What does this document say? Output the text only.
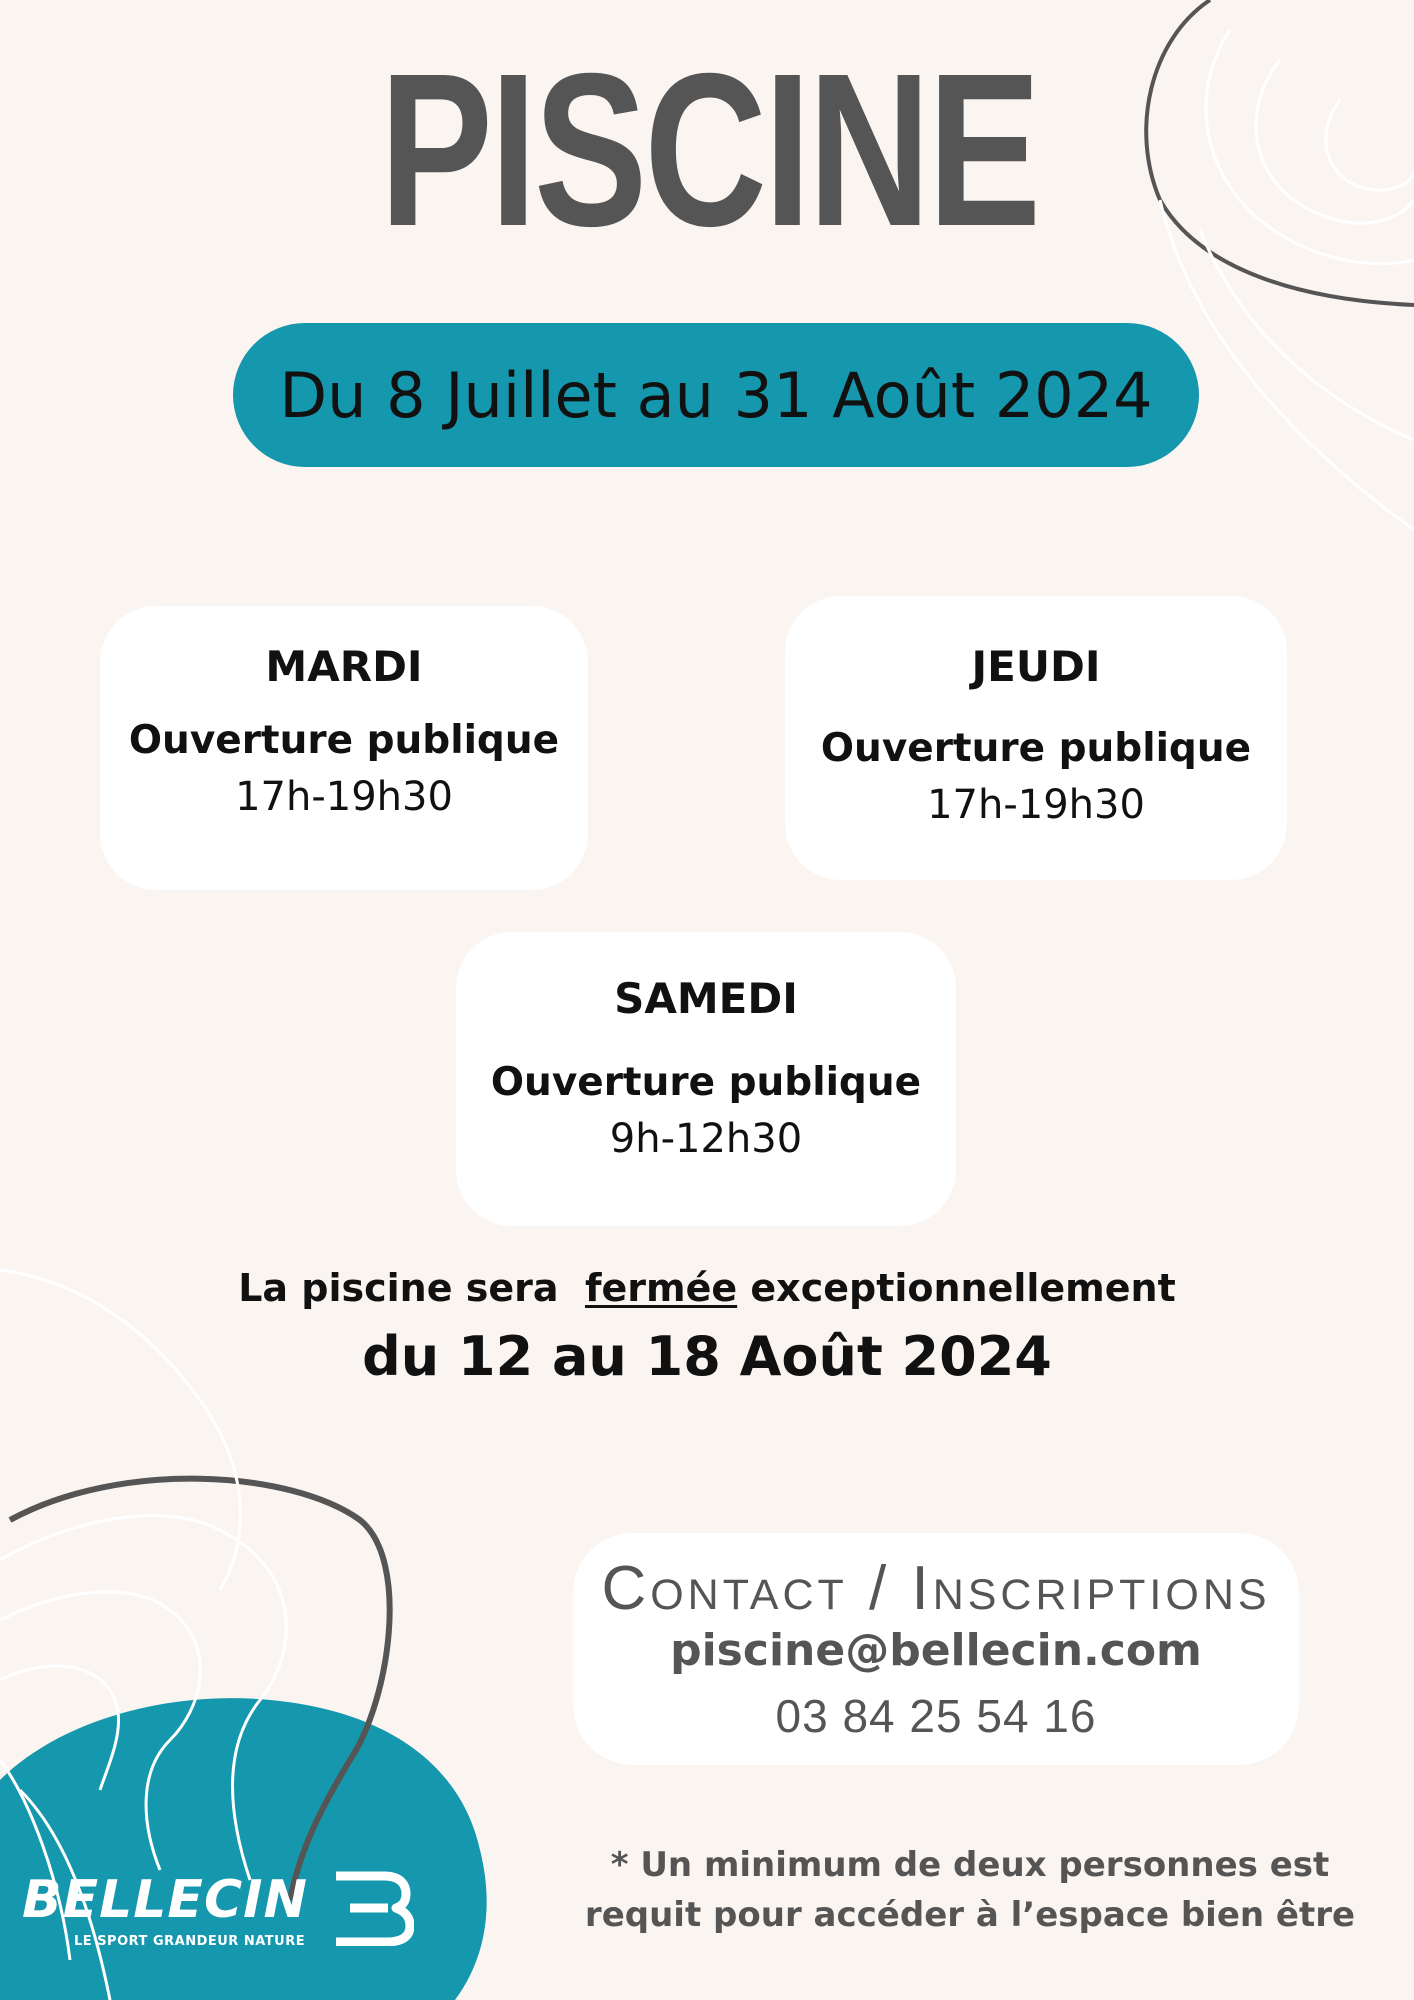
PISCINE
Du 8 Juillet au 31 Août 2024
MARDI
Ouverture publique
17h-19h30
JEUDI
Ouverture publique
17h-19h30
SAMEDI
Ouverture publique
9h-12h30
La piscine sera fermée exceptionnellement
du 12 au 18 Août 2024
Contact / Inscriptions
piscine@bellecin.com
03 84 25 54 16
* Un minimum de deux personnes est
requit pour accéder à l’espace bien être
BELLECIN
LE SPORT GRANDEUR NATURE
